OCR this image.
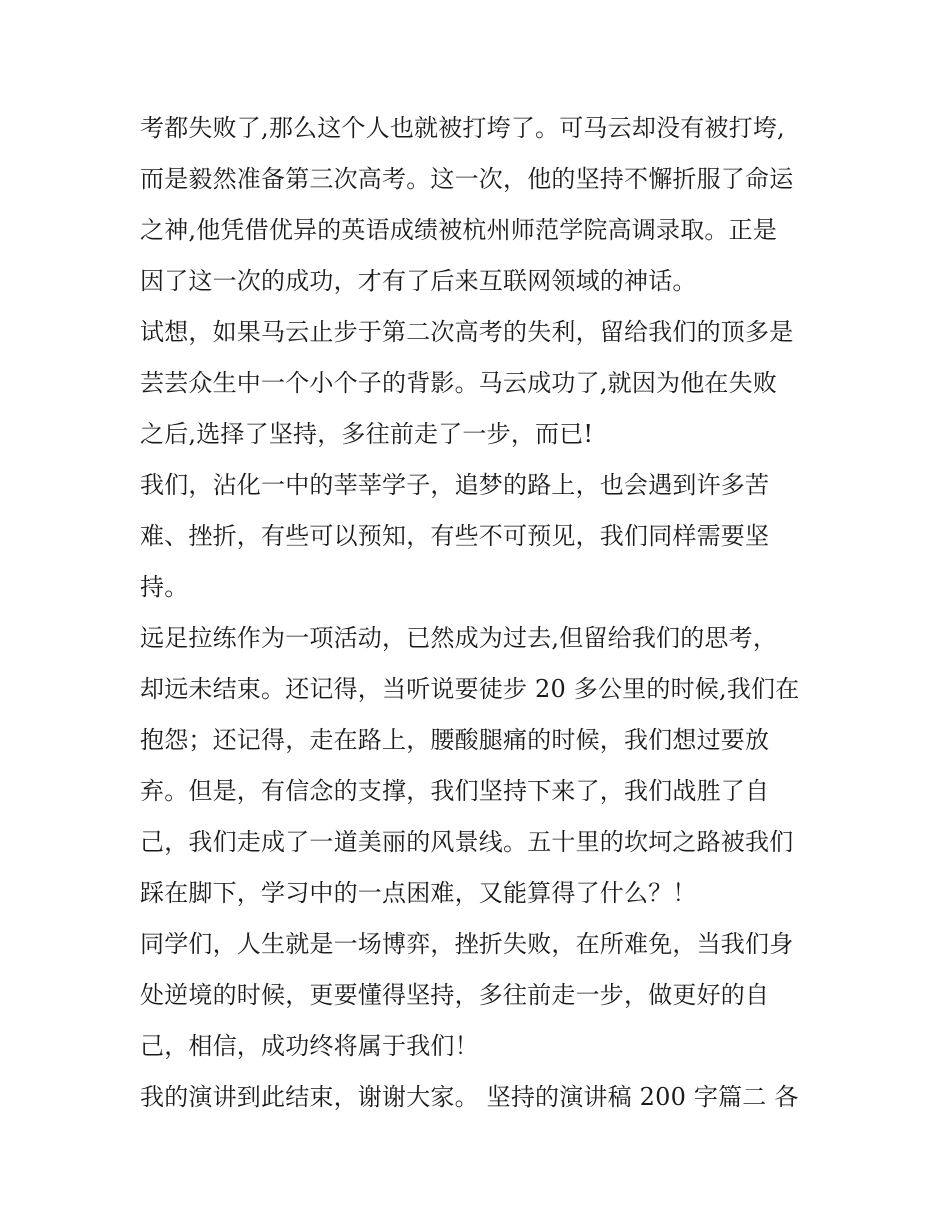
考都失败了,那么这个人也就被打垮了。可马云却没有被打垮,
而是毅然准备第三次高考。这一次，他的坚持不懈折服了命运
之神,他凭借优异的英语成绩被杭州师范学院高调录取。正是
因了这一次的成功，才有了后来互联网领域的神话。
试想，如果马云止步于第二次高考的失利，留给我们的顶多是
芸芸众生中一个小个子的背影。马云成功了,就因为他在失败
之后,选择了坚持，多往前走了一步，而已!
我们，沾化一中的莘莘学子，追梦的路上，也会遇到许多苦
难、挫折，有些可以预知，有些不可预见，我们同样需要坚
持。
远足拉练作为一项活动，已然成为过去,但留给我们的思考，
却远未结束。还记得，当听说要徒步 20 多公里的时候,我们在
抱怨；还记得，走在路上，腰酸腿痛的时候，我们想过要放
弃。但是，有信念的支撑，我们坚持下来了，我们战胜了自
己，我们走成了一道美丽的风景线。五十里的坎坷之路被我们
踩在脚下，学习中的一点困难，又能算得了什么？！
同学们，人生就是一场博弈，挫折失败，在所难免，当我们身
处逆境的时候，更要懂得坚持，多往前走一步，做更好的自
己，相信，成功终将属于我们！
我的演讲到此结束，谢谢大家。 坚持的演讲稿 200 字篇二 各
